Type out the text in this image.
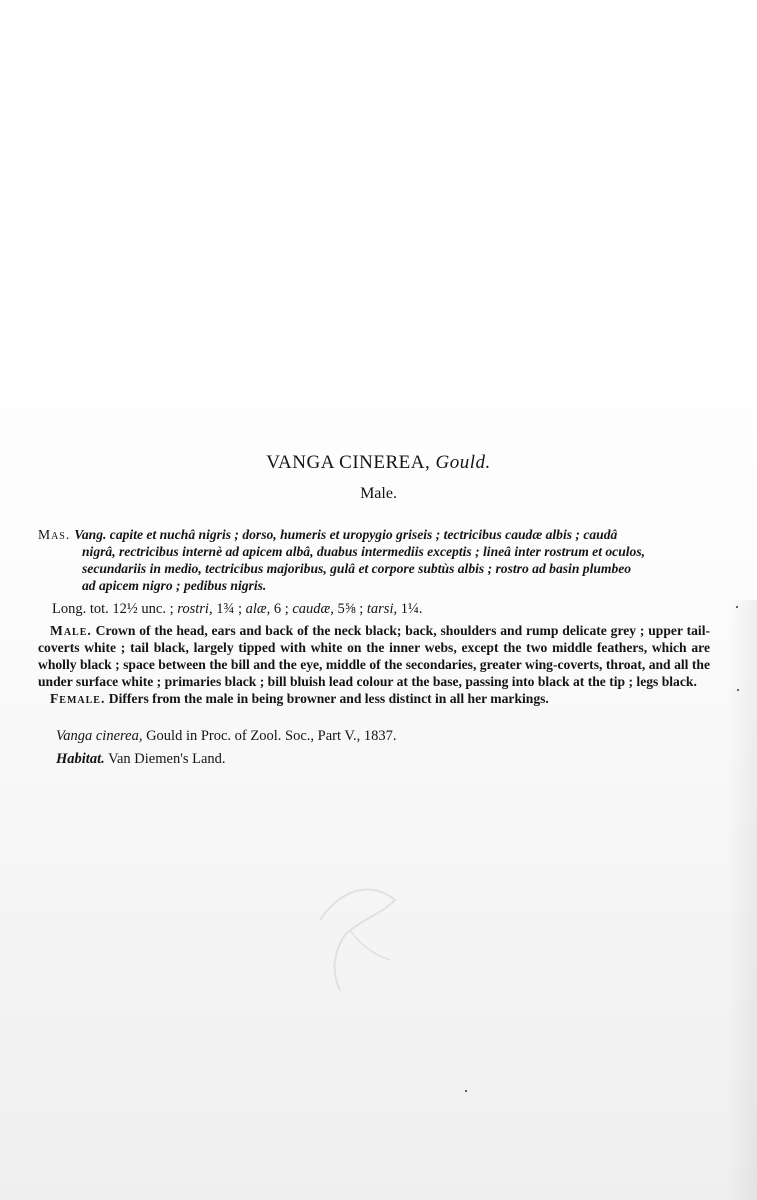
VANGA CINEREA, Gould.
Male.
Mas. Vang. capite et nuchâ nigris ; dorso, humeris et uropygio griseis ; tectricibus caudæ albis ; caudâ
nigrâ, rectricibus internè ad apicem albâ, duabus intermediis exceptis ; lineâ inter rostrum et oculos,
secundariis in medio, tectricibus majoribus, gulâ et corpore subtùs albis ; rostro ad basin plumbeo
ad apicem nigro ; pedibus nigris.
Long. tot. 12½ unc. ; rostri, 1¾ ; alæ, 6 ; caudæ, 5⅝ ; tarsi, 1¼.
Male. Crown of the head, ears and back of the neck black; back, shoulders and rump delicate grey ; upper tail-coverts white ; tail black, largely tipped with white on the inner webs, except the two middle feathers, which are wholly black ; space between the bill and the eye, middle of the secondaries, greater wing-coverts, throat, and all the under surface white ; primaries black ; bill bluish lead colour at the base, passing into black at the tip ; legs black.
Female. Differs from the male in being browner and less distinct in all her markings.
Vanga cinerea, Gould in Proc. of Zool. Soc., Part V., 1837.
Habitat. Van Diemen's Land.
